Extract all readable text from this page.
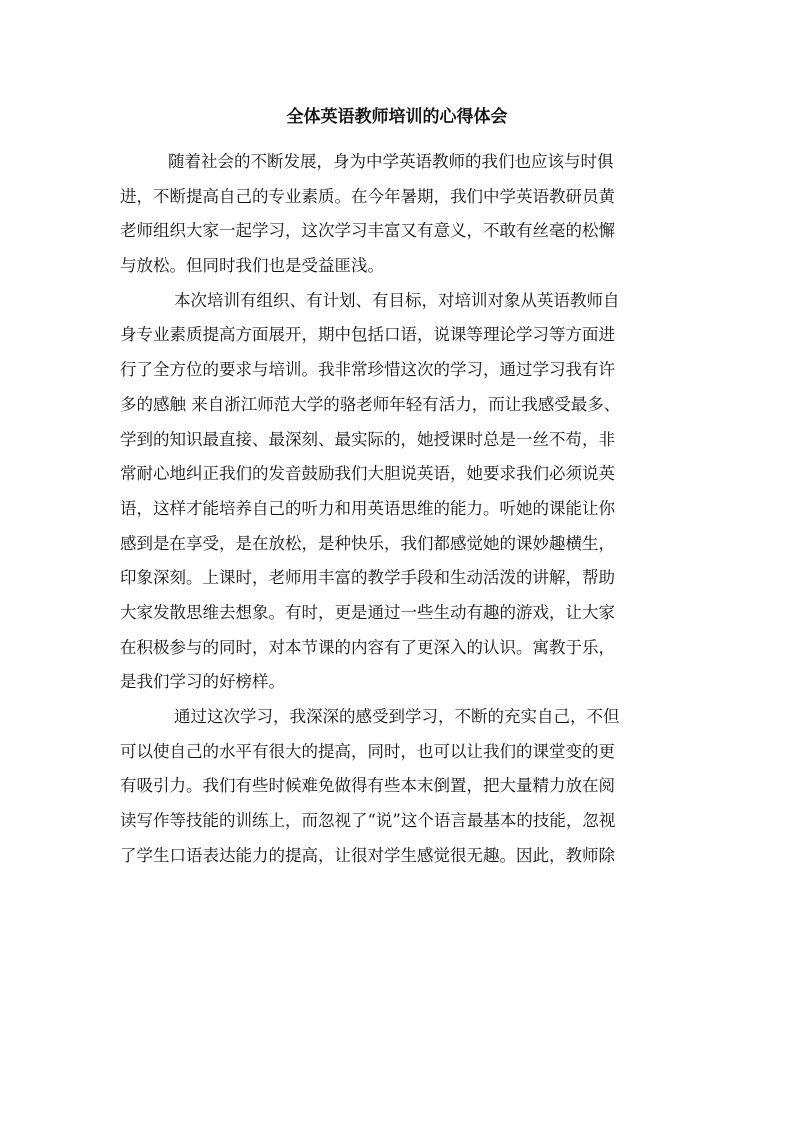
全体英语教师培训的心得体会
随着社会的不断发展，身为中学英语教师的我们也应该与时俱
进，不断提高自己的专业素质。在今年暑期，我们中学英语教研员黄
老师组织大家一起学习，这次学习丰富又有意义，不敢有丝毫的松懈
与放松。但同时我们也是受益匪浅。
本次培训有组织、有计划、有目标，对培训对象从英语教师自
身专业素质提高方面展开，期中包括口语，说课等理论学习等方面进
行了全方位的要求与培训。我非常珍惜这次的学习，通过学习我有许
多的感触 来自浙江师范大学的骆老师年轻有活力，而让我感受最多、
学到的知识最直接、最深刻、最实际的，她授课时总是一丝不苟，非
常耐心地纠正我们的发音鼓励我们大胆说英语，她要求我们必须说英
语，这样才能培养自己的听力和用英语思维的能力。听她的课能让你
感到是在享受，是在放松，是种快乐，我们都感觉她的课妙趣横生，
印象深刻。上课时，老师用丰富的教学手段和生动活泼的讲解，帮助
大家发散思维去想象。有时，更是通过一些生动有趣的游戏，让大家
在积极参与的同时，对本节课的内容有了更深入的认识。寓教于乐，
是我们学习的好榜样。
通过这次学习，我深深的感受到学习，不断的充实自己，不但
可以使自己的水平有很大的提高，同时，也可以让我们的课堂变的更
有吸引力。我们有些时候难免做得有些本末倒置，把大量精力放在阅
读写作等技能的训练上，而忽视了“说”这个语言最基本的技能，忽视
了学生口语表达能力的提高，让很对学生感觉很无趣。因此，教师除
